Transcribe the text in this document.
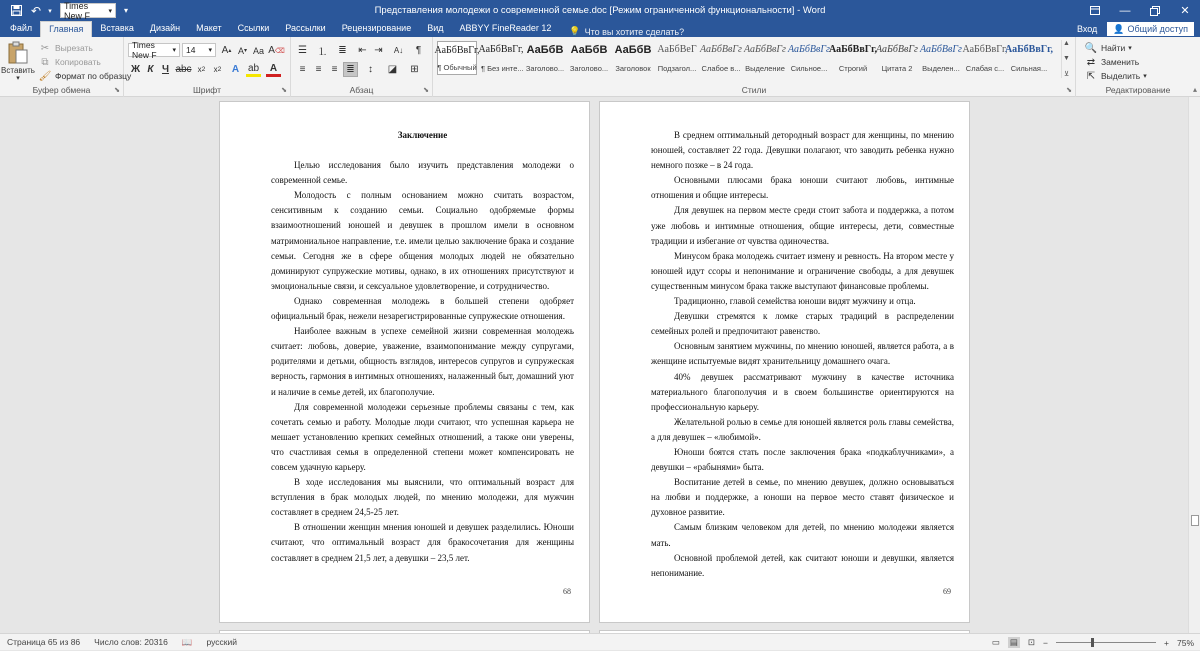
↶	▾
Times New F	▾	▾	Представления молодежи о современной семье.doc [Режим ограниченной функциональности] - Word	—	✕
Файл	Главная	Вставка	Дизайн	Макет	Ссылки	Рассылки	Рецензирование	Вид	ABBYY FineReader 12	💡 Что вы хотите сделать?	Вход 👤 Общий доступ
Вставить
▾
✂ Вырезать
⧉ Копировать
🖌 Формат по образцу
Буфер обмена	⬊
Times New F	▾ 14 ▾ A ▴ A ▾ Aa A ⌫
Ж К Ч abc x 2	x 2	A ab	A
Шрифт	⬊
☰	⒈	≣	⇤ ⇥	A↓	¶
≡	≡	≡ ≣	↕	◪	⊞
Абзац	⬊
АаБбВвГг,
¶ Обычный
АаБбВвГг,
¶ Без инте...
АаБбВ
Заголово...
АаБбВ
Заголово...
АаБбВ
Заголовок
АаБбВеГ
Подзагол...
АаБбВвГг
Слабое в...
АаБбВвГг
Выделение
АаБбВвГг
Сильное...
АаБбВвГг,
Строгий
АаБбВвГг
Цитата 2
АаБбВвГг
Выделен...
АаБбВвГг,
Слабая с...
АаБбВвГг,
Сильная...
▲
▼
⊻
Стили	⬊
🔍 Найти ▾
⇄ Заменить
⇱ Выделить ▾
Редактирование	▴

Заключение

Целью исследования было изучить представления молодежи о современной семье.

Молодость с полным основанием можно считать возрастом, сенситивным к созданию семьи. Социально одобряемые формы взаимоотношений юношей и девушек в прошлом имели в основном матримониальное направление, т.е. имели целью заключение брака и создание семьи. Сегодня же в сфере общения молодых людей не обязательно доминируют супружеские мотивы, однако, в их отношениях присутствуют и эмоциональные связи, и сексуальное удовлетворение, и сотрудничество.

Однако современная молодежь в большей степени одобряет официальный брак, нежели незарегистрированные супружеские отношения.

Наиболее важным в успехе семейной жизни современная молодежь считает: любовь, доверие, уважение, взаимопонимание между супругами, родителями и детьми, общность взглядов, интересов супругов и супружеская верность, гармония в интимных отношениях, налаженный быт, домашний уют и наличие в семье детей, их благополучие.

Для современной молодежи серьезные проблемы связаны с тем, как сочетать семью и работу. Молодые люди считают, что успешная карьера не мешает установлению крепких семейных отношений, а также они уверены, что счастливая семья в определенной степени может компенсировать не совсем удачную карьеру.

В ходе исследования мы выяснили, что оптимальный возраст для вступления в брак молодых людей, по мнению молодежи, для мужчин составляет в среднем 24,5-25 лет.

В отношении женщин мнения юношей и девушек разделились. Юноши считают, что оптимальный возраст для бракосочетания для женщины составляет в среднем 21,5 лет, а девушки – 23,5 лет.

68

В среднем оптимальный детородный возраст для женщины, по мнению юношей, составляет 22 года. Девушки полагают, что заводить ребенка нужно немного позже – в 24 года.

Основными плюсами брака юноши считают любовь, интимные отношения и общие интересы.

Для девушек на первом месте среди стоит забота и поддержка, а потом уже любовь и интимные отношения, общие интересы, дети, совместные традиции и избегание от чувства одиночества.

Минусом брака молодежь считает измену и ревность. На втором месте у юношей идут ссоры и непонимание и ограничение свободы, а для девушек существенным минусом брака также выступают финансовые проблемы.

Традиционно, главой семейства юноши видят мужчину и отца.

Девушки стремятся к ломке старых традиций в распределении семейных ролей и предпочитают равенство.

Основным занятием мужчины, по мнению юношей, является работа, а в женщине испытуемые видят хранительницу домашнего очага.

40% девушек рассматривают мужчину в качестве источника материального благополучия и в своем большинстве ориентируются на профессиональную карьеру.

Желательной ролью в семье для юношей является роль главы семейства, а для девушек – «любимой».

Юноши боятся стать после заключения брака «подкаблучниками», а девушки – «рабынями» быта.

Воспитание детей в семье, по мнению девушек, должно основываться на любви и поддержке, а юноши на первое место ставят физическое и духовное развитие.

Самым близким человеком для детей, по мнению молодежи является мать.

Основной проблемой детей, как считают юноши и девушки, является непонимание.

69
Страница 65 из 86	Число слов: 20316	📖	русский	▭ ▤ ⊡ −	+ 75%
